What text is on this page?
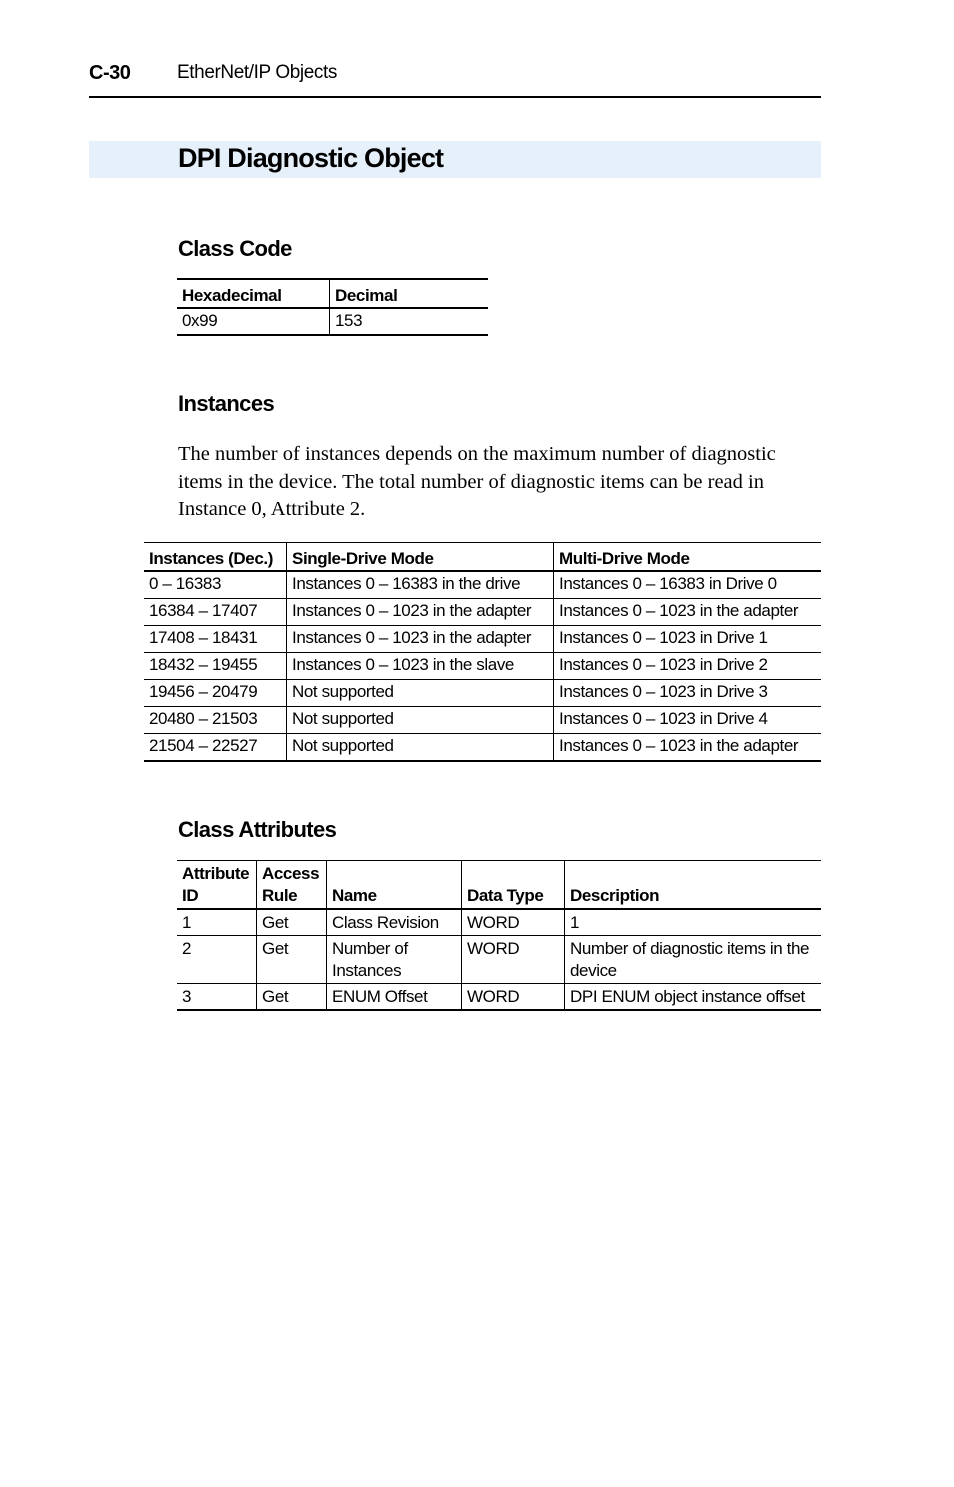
C-30 EtherNet/IP Objects
DPI Diagnostic Object
Class Code
Hexadecimal	Decimal
0x99	153
Instances

The number of instances depends on the maximum number of diagnostic items in the device. The total number of diagnostic items can be read in Instance 0, Attribute 2.

Instances (Dec.)	Single-Drive Mode	Multi-Drive Mode
0 – 16383	Instances 0 – 16383 in the drive	Instances 0 – 16383 in Drive 0
16384 – 17407	Instances 0 – 1023 in the adapter	Instances 0 – 1023 in the adapter
17408 – 18431	Instances 0 – 1023 in the adapter	Instances 0 – 1023 in Drive 1
18432 – 19455	Instances 0 – 1023 in the slave	Instances 0 – 1023 in Drive 2
19456 – 20479	Not supported	Instances 0 – 1023 in Drive 3
20480 – 21503	Not supported	Instances 0 – 1023 in Drive 4
21504 – 22527	Not supported	Instances 0 – 1023 in the adapter
Class Attributes
Attribute ID	Access Rule	Name	Data Type	Description
1	Get	Class Revision	WORD	1
2	Get	Number of Instances	WORD	Number of diagnostic items in the device
3	Get	ENUM Offset	WORD	DPI ENUM object instance offset
